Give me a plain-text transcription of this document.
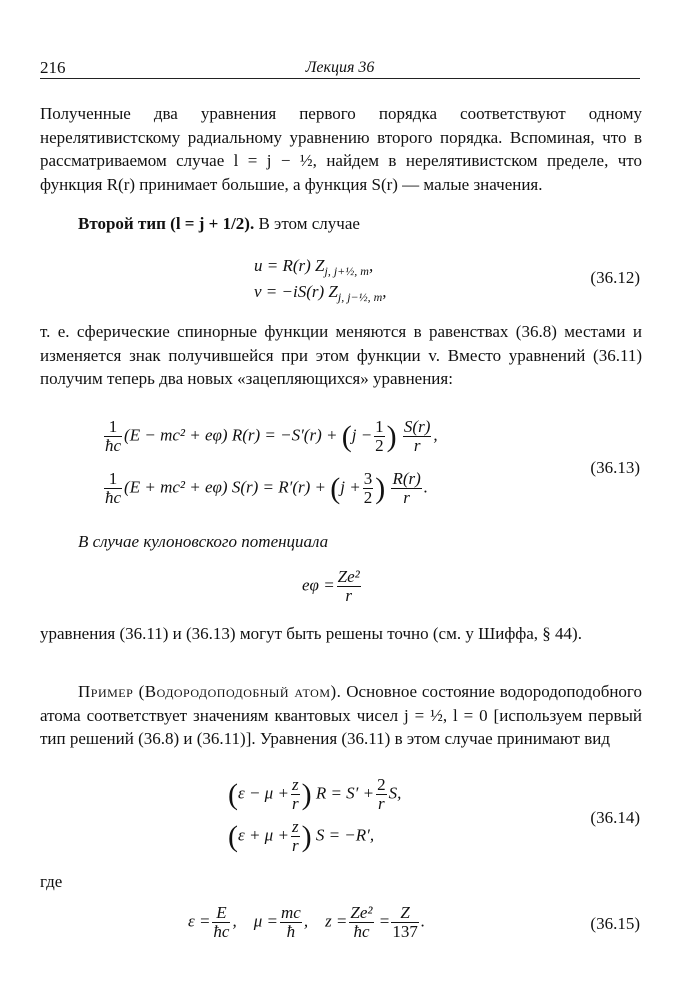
216	Лекция 36
Полученные два уравнения первого порядка соответствуют одному нерелятивистскому радиальному уравнению второго порядка. Вспоминая, что в рассматриваемом случае l = j − ½, найдем в нерелятивистском пределе, что функция R(r) принимает большие, а функция S(r) — малые значения.
Второй тип (l = j + 1/2). В этом случае
u = R(r) $Z_{j, j+\frac{1}{2}, m}$,
v = −iS(r) $Z_{j, j-\frac{1}{2}, m}$,
(36.12)
т. е. сферические спинорные функции меняются в равенствах (36.8) местами и изменяется знак получившейся при этом функции v. Вместо уравнений (36.11) получим теперь два новых «зацепляющихся» уравнения:
$\frac{1}{ħc} (E - mc^2 + e\varphi) R(r) = -S'(r) + (j - \frac{1}{2}$ ) $\frac{S(r)}{r}$ ,
$\frac{1}{ħc} (E + mc^2 + e\varphi) S(r) = R'(r) + (j + \frac{3}{2}$ ) $\frac{R(r)}{r}$ .
(36.13)
В случае кулоновского потенциала
$e\varphi = \frac{\text{Ze²}}{r}$
уравнения (36.11) и (36.13) могут быть решены точно (см. у Шиффа, § 44).
Пример (Водородоподобный атом). Основное состояние водородоподобного атома соответствует значениям квантовых чисел j = ½, l = 0 [используем первый тип решений (36.8) и (36.11)]. Уравнения (36.11) в этом случае принимают вид
($\varepsilon - \mu + \frac{z}{r}$ ) $R = S' + \frac{2}{r} S$,
($\varepsilon + \mu + \frac{z}{r}$ ) S = −R′,
(36.14)
где
$\varepsilon = \frac{E}{ħc}$ ,    $\mu = \frac{mc}{ħ}$ ,    $z = \frac{\text{Ze²}}{ħc} = \frac{Z}{137}$ .	(36.15)
